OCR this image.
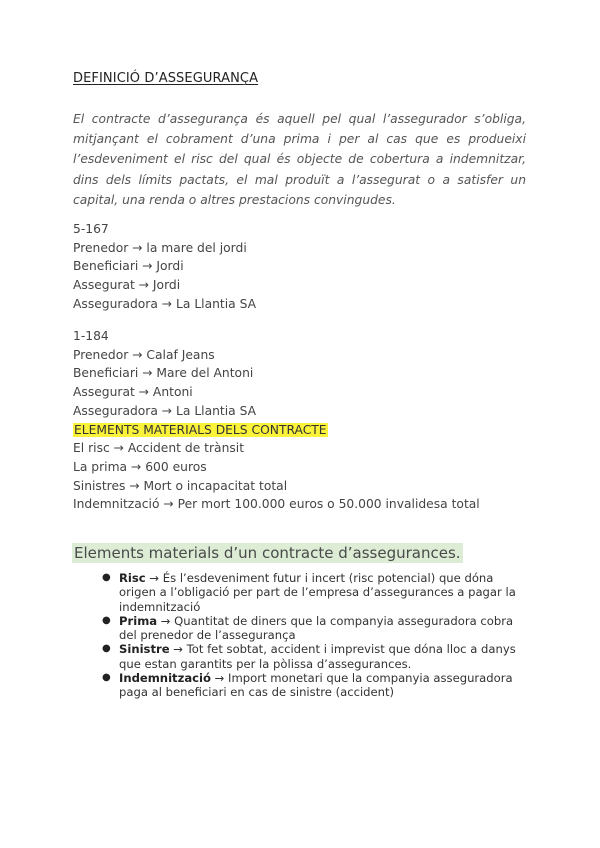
DEFINICIÓ D’ASSEGURANÇA
El contracte d’assegurança és aquell pel qual l’assegurador s’obliga, mitjançant el cobrament d’una prima i per al cas que es produeixi l’esdeveniment el risc del qual és objecte de cobertura a indemnitzar, dins dels límits pactats, el mal produït a l’assegurat o a satisfer un capital, una renda o altres prestacions convingudes.
5-167
Prenedor → la mare del jordi
Beneficiari → Jordi
Assegurat → Jordi
Asseguradora → La Llantia SA
1-184
Prenedor → Calaf Jeans
Beneficiari → Mare del Antoni
Assegurat → Antoni
Asseguradora → La Llantia SA
ELEMENTS MATERIALS DELS CONTRACTE
El risc → Accident de trànsit
La prima → 600 euros
Sinistres → Mort o incapacitat total
Indemnització → Per mort 100.000 euros o 50.000 invalidesa total
Elements materials d’un contracte d’assegurances.
● Risc → És l’esdeveniment futur i incert (risc potencial) que dóna origen a l’obligació per part de l’empresa d’assegurances a pagar la indemnització
● Prima → Quantitat de diners que la companyia asseguradora cobra del prenedor de l’assegurança
● Sinistre → Tot fet sobtat, accident i imprevist que dóna lloc a danys que estan garantits per la pòlissa d’assegurances.
● Indemnització → Import monetari que la companyia asseguradora paga al beneficiari en cas de sinistre (accident)
